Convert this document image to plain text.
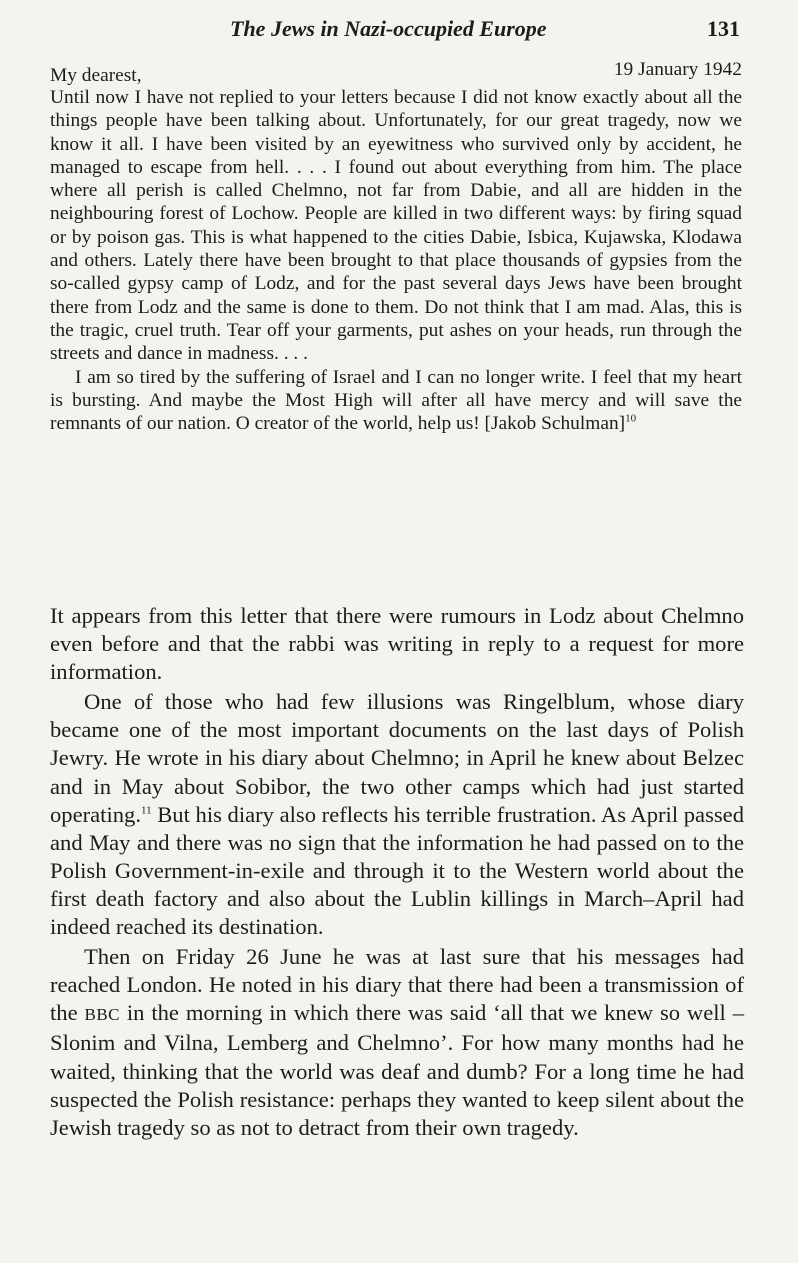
The Jews in Nazi-occupied Europe	131
My dearest,	19 January 1942

Until now I have not replied to your letters because I did not know exactly about all the things people have been talking about. Unfortunately, for our great tragedy, now we know it all. I have been visited by an eyewitness who survived only by accident, he managed to escape from hell. . . . I found out about everything from him. The place where all perish is called Chelmno, not far from Dabie, and all are hidden in the neighbouring forest of Lochow. People are killed in two different ways: by firing squad or by poison gas. This is what happened to the cities Dabie, Isbica, Kujawska, Klodawa and others. Lately there have been brought to that place thousands of gypsies from the so-called gypsy camp of Lodz, and for the past several days Jews have been brought there from Lodz and the same is done to them. Do not think that I am mad. Alas, this is the tragic, cruel truth. Tear off your garments, put ashes on your heads, run through the streets and dance in madness. . . .

I am so tired by the suffering of Israel and I can no longer write. I feel that my heart is bursting. And maybe the Most High will after all have mercy and will save the remnants of our nation. O creator of the world, help us! [Jakob Schulman]$^{10}$

It appears from this letter that there were rumours in Lodz about Chelmno even before and that the rabbi was writing in reply to a request for more information.

One of those who had few illusions was Ringelblum, whose diary became one of the most important documents on the last days of Polish Jewry. He wrote in his diary about Chelmno; in April he knew about Belzec and in May about Sobibor, the two other camps which had just started operating.$^{11}$ But his diary also reflects his terrible frustration. As April passed and May and there was no sign that the information he had passed on to the Polish Government-in-exile and through it to the Western world about the first death factory and also about the Lublin killings in March–April had indeed reached its destination.

Then on Friday 26 June he was at last sure that his messages had reached London. He noted in his diary that there had been a transmission of the BBC in the morning in which there was said ‘all that we knew so well – Slonim and Vilna, Lemberg and Chelmno’. For how many months had he waited, thinking that the world was deaf and dumb? For a long time he had suspected the Polish resistance: perhaps they wanted to keep silent about the Jewish tragedy so as not to detract from their own tragedy.
